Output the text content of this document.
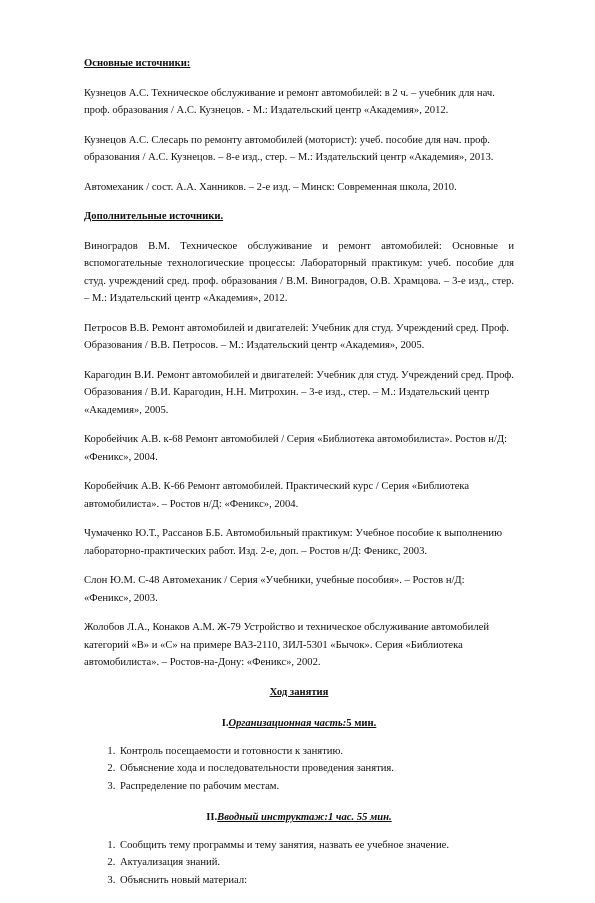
Основные источники:

Кузнецов А.С. Техническое обслуживание и ремонт автомобилей: в 2 ч. – учебник для нач. проф. образования / А.С. Кузнецов. - М.: Издательский центр «Академия», 2012.

Кузнецов А.С. Слесарь по ремонту автомобилей (моторист): учеб. пособие для нач. проф. образования / А.С. Кузнецов. – 8-е изд., стер. – М.: Издательский центр «Академия», 2013.

Автомеханик / сост. А.А. Ханников. – 2-е изд. – Минск: Современная школа, 2010.

Дополнительные источники.

Виноградов В.М. Техническое обслуживание и ремонт автомобилей: Основные и вспомогательные технологические процессы: Лабораторный практикум: учеб. пособие для студ. учреждений сред. проф. образования / В.М. Виноградов, О.В. Храмцова. – 3-е изд., стер. – М.: Издательский центр «Академия», 2012.

Петросов В.В. Ремонт автомобилей и двигателей: Учебник для студ. Учреждений сред. Проф. Образования / В.В. Петросов. – М.: Издательский центр «Академия», 2005.

Карагодин В.И. Ремонт автомобилей и двигателей: Учебник для студ. Учреждений сред. Проф. Образования / В.И. Карагодин, Н.Н. Митрохин. – 3-е изд., стер. – М.: Издательский центр «Академия», 2005.

Коробейчик А.В. к-68 Ремонт автомобилей / Серия «Библиотека автомобилиста». Ростов н/Д: «Феникс», 2004.

Коробейчик А.В. К-66 Ремонт автомобилей. Практический курс / Серия «Библиотека автомобилиста». – Ростов н/Д: «Феникс», 2004.

Чумаченко Ю.Т., Рассанов Б.Б. Автомобильный практикум: Учебное пособие к выполнению лабораторно-практических работ. Изд. 2-е, доп. – Ростов н/Д: Феникс, 2003.

Слон Ю.М. С-48 Автомеханик / Серия «Учебники, учебные пособия». – Ростов н/Д: «Феникс», 2003.

Жолобов Л.А., Конаков А.М. Ж-79 Устройство и техническое обслуживание автомобилей категорий «В» и «С» на примере ВАЗ-2110, ЗИЛ-5301 «Бычок». Серия «Библиотека автомобилиста». – Ростов-на-Дону: «Феникс», 2002.

Ход занятия

I.Организационная часть:5 мин.

1. Контроль посещаемости и готовности к занятию.
2. Объяснение хода и последовательности проведения занятия.
3. Распределение по рабочим местам.

II.Вводный инструктаж:1 час. 55 мин.

1. Сообщить тему программы и тему занятия, назвать ее учебное значение.
2. Актуализация знаний.
3. Объяснить новый материал:
